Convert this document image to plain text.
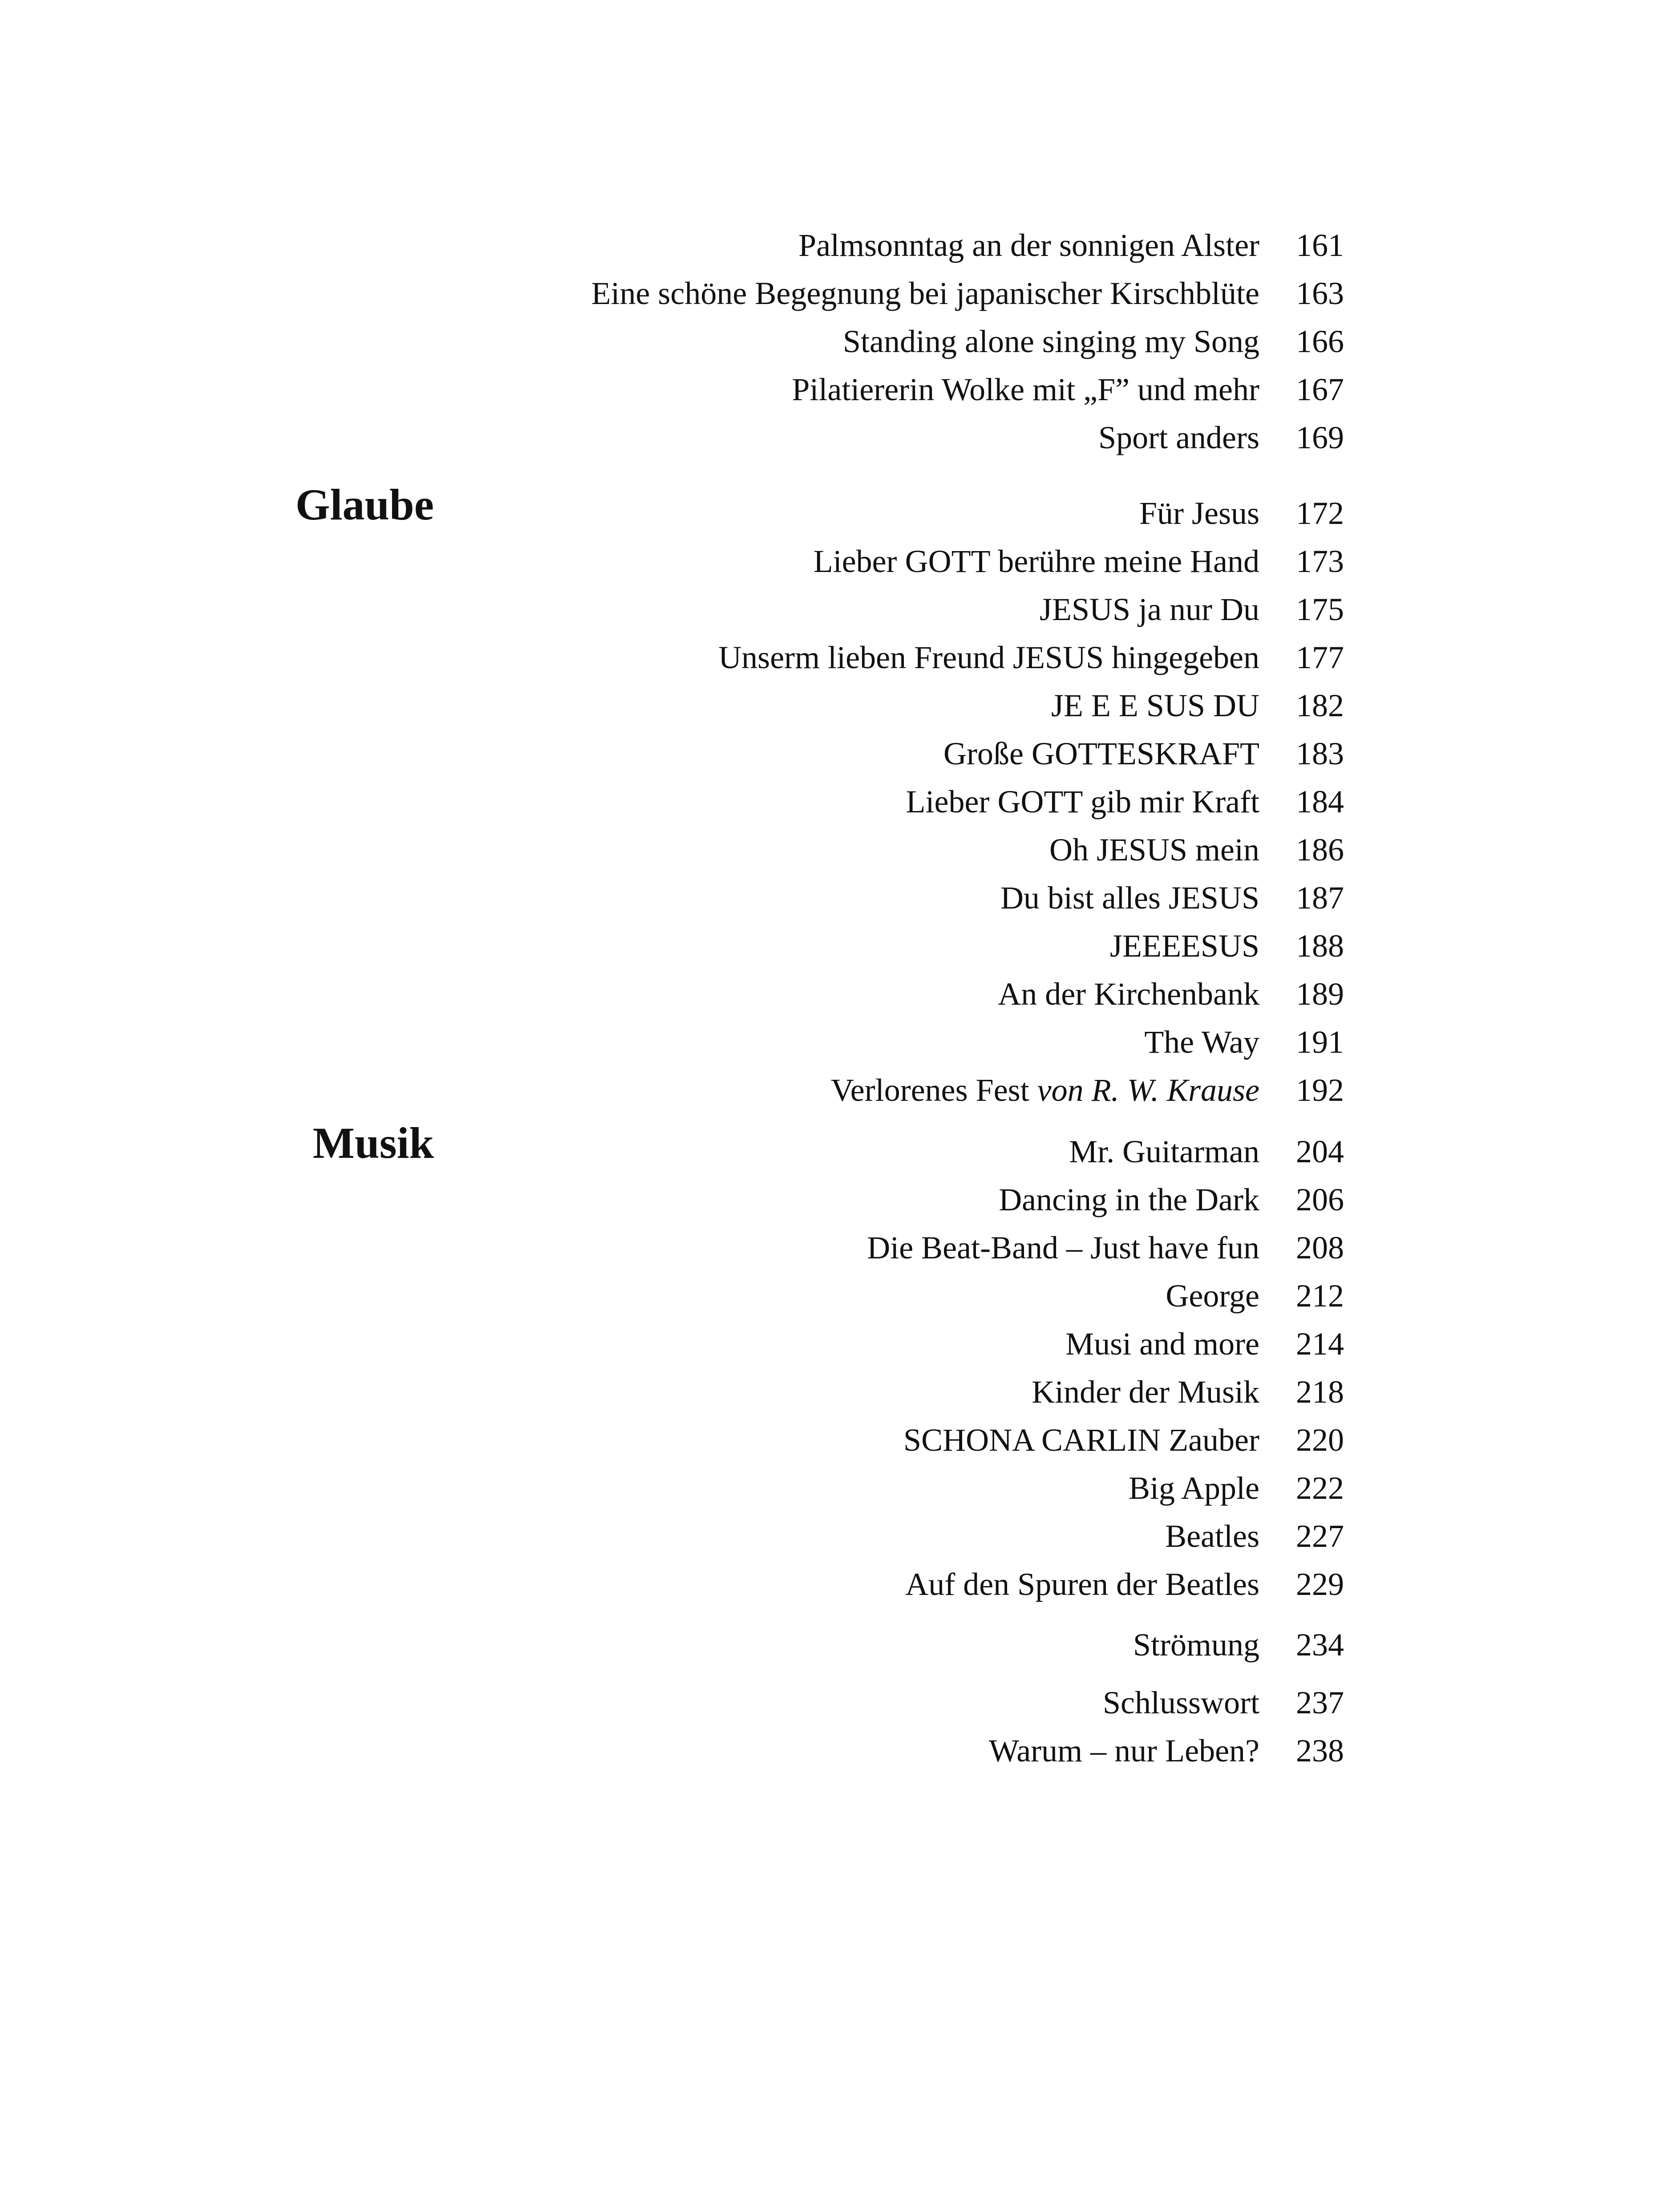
Glaube
Musik
Palmsonntag an der sonnigen Alster 161
Eine schöne Begegnung bei japanischer Kirschblüte 163
Standing alone singing my Song 166
Pilatiererin Wolke mit „F” und mehr 167
Sport anders 169
Für Jesus 172
Lieber GOTT berühre meine Hand 173
JESUS ja nur Du 175
Unserm lieben Freund JESUS hingegeben 177
JE E E SUS DU 182
Große GOTTESKRAFT 183
Lieber GOTT gib mir Kraft 184
Oh JESUS mein 186
Du bist alles JESUS 187
JEEEESUS 188
An der Kirchenbank 189
The Way 191
Verlorenes Fest von R. W. Krause 192
Mr. Guitarman 204
Dancing in the Dark 206
Die Beat-Band – Just have fun 208
George 212
Musi and more 214
Kinder der Musik 218
SCHONA CARLIN Zauber 220
Big Apple 222
Beatles 227
Auf den Spuren der Beatles 229
Strömung 234
Schlusswort 237
Warum – nur Leben? 238
